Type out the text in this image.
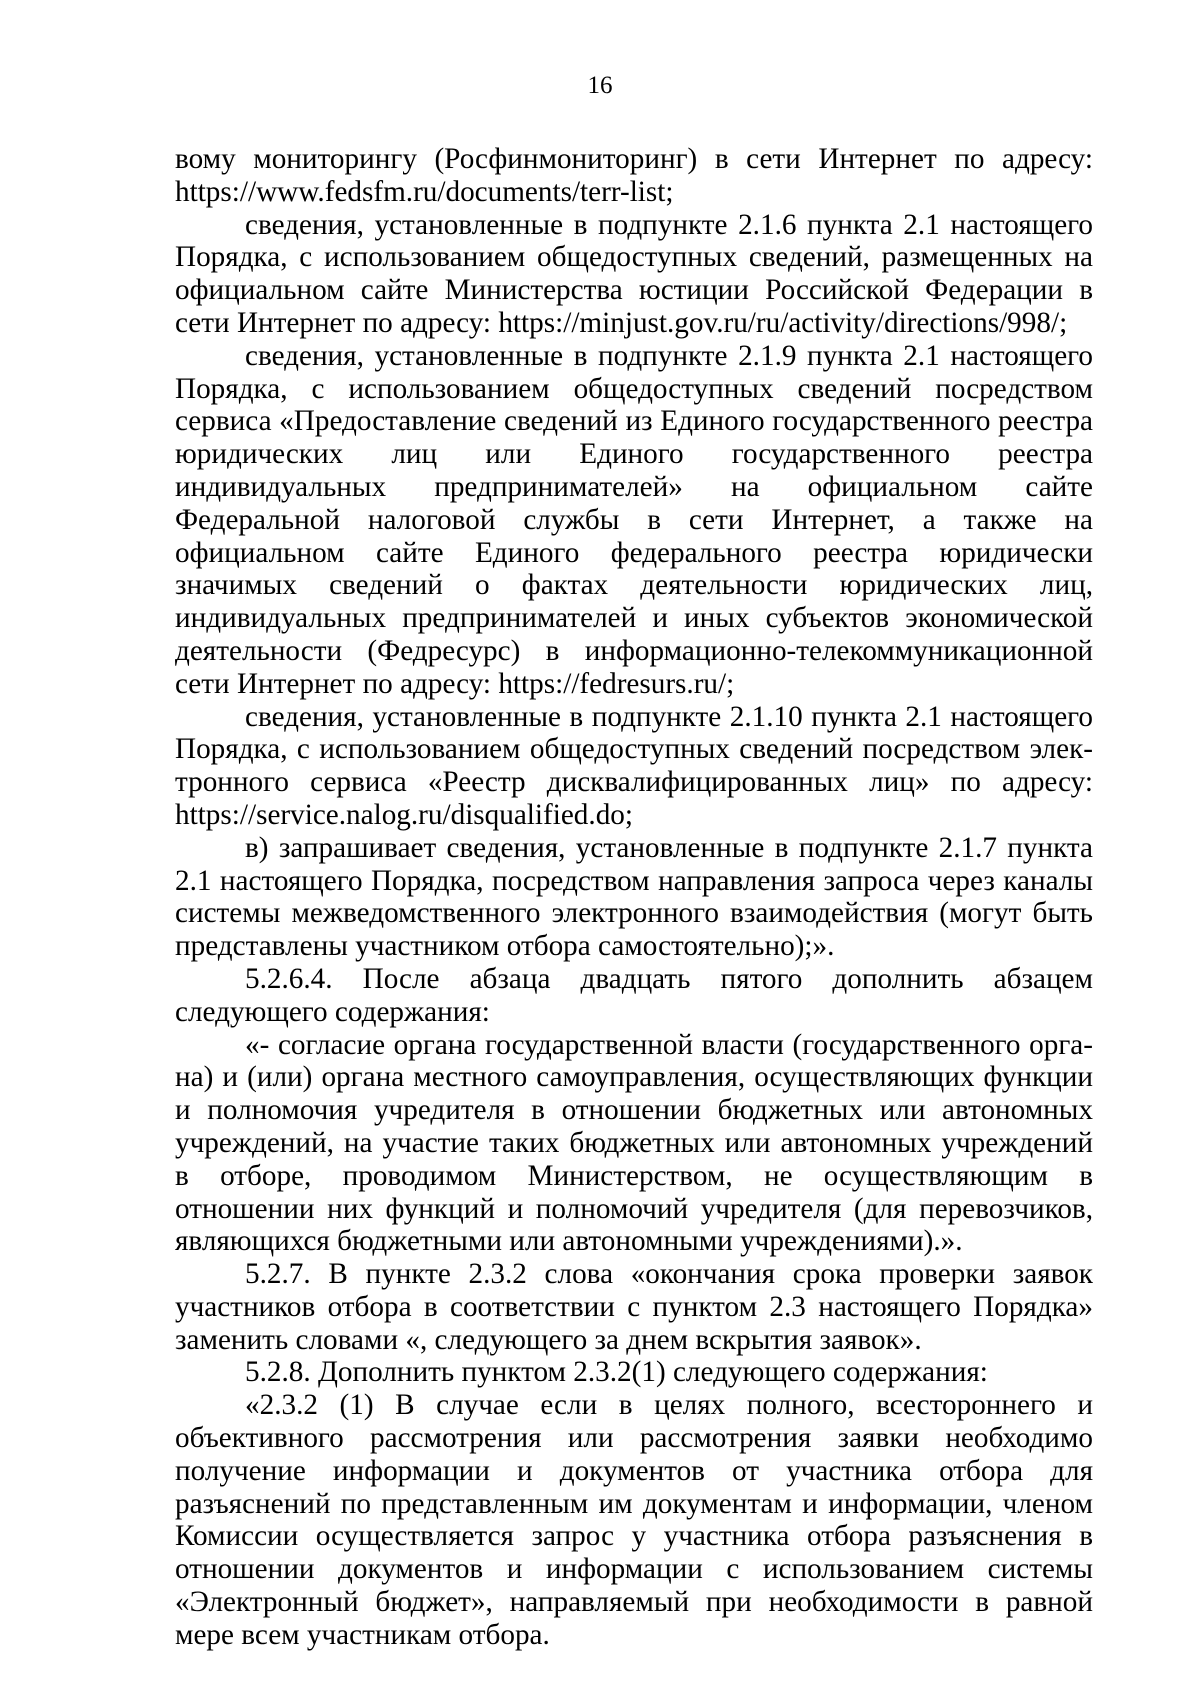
16

вому мониторингу (Росфинмониторинг) в сети Интернет по адресу: https://www.fedsfm.ru/documents/terr-list;

сведения, установленные в подпункте 2.1.6 пункта 2.1 настоящего Порядка, с использованием общедоступных сведений, размещенных на официальном сайте Министерства юстиции Российской Федерации в сети Интернет по адресу: https://minjust.gov.ru/ru/activity/directions/998/;

сведения, установленные в подпункте 2.1.9 пункта 2.1 настоящего Порядка, с использованием общедоступных сведений посредством сервиса «Предоставление сведений из Единого государственного реестра юридических лиц или Единого государственного реестра индивидуальных предпринимателей» на официальном сайте Федеральной налоговой службы в сети Интернет, а также на официальном сайте Единого федерального реестра юридически значимых сведений о фактах деятельности юридических лиц, индивидуальных предпринимателей и иных субъектов экономической деятельности (Федресурс) в информационно-телекоммуникационной сети Интернет по адресу: https://fedresurs.ru/;

сведения, установленные в подпункте 2.1.10 пункта 2.1 настоящего Порядка, с использованием общедоступных сведений посредством электронного сервиса «Реестр дисквалифицированных лиц» по адресу: https://service.nalog.ru/disqualified.do;

в) запрашивает сведения, установленные в подпункте 2.1.7 пункта 2.1 настоящего Порядка, посредством направления запроса через каналы системы межведомственного электронного взаимодействия (могут быть представлены участником отбора самостоятельно);».

5.2.6.4. После абзаца двадцать пятого дополнить абзацем следующего содержания:

«- согласие органа государственной власти (государственного органа) и (или) органа местного самоуправления, осуществляющих функции и полномочия учредителя в отношении бюджетных или автономных учреждений, на участие таких бюджетных или автономных учреждений в отборе, проводимом Министерством, не осуществляющим в отношении них функций и полномочий учредителя (для перевозчиков, являющихся бюджетными или автономными учреждениями).».

5.2.7. В пункте 2.3.2 слова «окончания срока проверки заявок участников отбора в соответствии с пунктом 2.3 настоящего Порядка» заменить словами «, следующего за днем вскрытия заявок».

5.2.8. Дополнить пунктом 2.3.2(1) следующего содержания:

«2.3.2 (1) В случае если в целях полного, всестороннего и объективного рассмотрения или рассмотрения заявки необходимо получение информации и документов от участника отбора для разъяснений по представленным им документам и информации, членом Комиссии осуществляется запрос у участника отбора разъяснения в отношении документов и информации с использованием системы «Электронный бюджет», направляемый при необходимости в равной мере всем участникам отбора.
